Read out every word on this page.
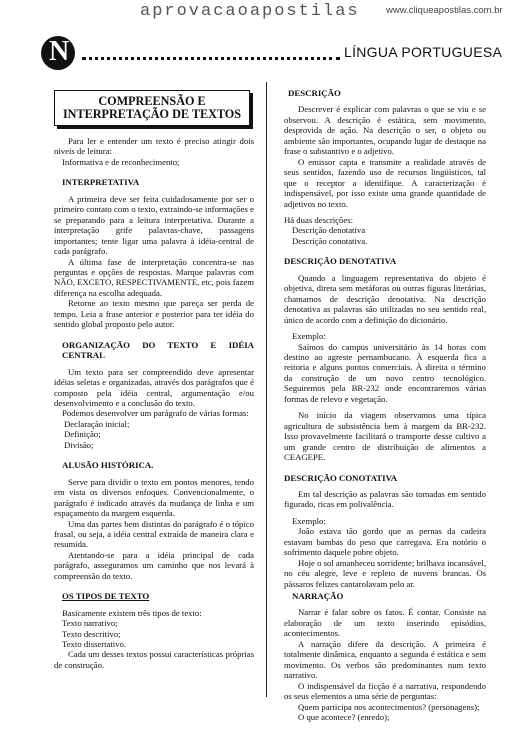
aprovacaoapostilas	www.cliqueapostilas.com.br
N	LÍNGUA PORTUGUESA
COMPREENSÃO E INTERPRETAÇÃO DE TEXTOS

Para ler e entender um texto é preciso atingir dois níveis de leitura:

Informativa e de reconhecimento;

INTERPRETATIVA

A primeira deve ser feita cuidadosamente por ser o primeiro contato com o texto, extraindo-se informações e se preparando para a leitura interpretativa. Durante a interpretação grife palavras-chave, passagens importantes; tente ligar uma palavra à idéia-central de cada parágrafo.

A última fase de interpretação concentra-se nas perguntas e opções de respostas. Marque palavras com NÃO, EXCETO, RESPECTIVAMENTE, etc, pois fazem diferença na escolha adequada.

Retorne ao texto mesmo que pareça ser perda de tempo. Leia a frase anterior e posterior para ter idéia do sentido global proposto pelo autor.

ORGANIZAÇÃO DO TEXTO E IDÉIA CENTRAL

Um texto para ser compreendido deve apresentar idéias seletas e organizadas, através dos parágrafos que é composto pela idéia central, argumentação e/ou desenvolvimento e a conclusão do texto.

Podemos desenvolver um parágrafo de várias formas:

Declaração inicial;

Definição;

Divisão;

ALUSÃO HISTÓRICA.

Serve para dividir o texto em pontos menores, tendo em vista os diversos enfoques. Convencionalmente, o parágrafo é indicado através da mudança de linha e um espaçamento da margem esquerda.

Uma das partes bem distintas do parágrafo é o tópico frasal, ou seja, a idéia central extraída de maneira clara e resumida.

Atentando-se para a idéia principal de cada parágrafo, asseguramos um caminho que nos levará à compreensão do texto.

OS TIPOS DE TEXTO

Basicamente existem três tipos de texto:

Texto narrativo;

Texto descritivo;

Texto dissertativo.

Cada um desses textos possui características próprias de construção.

DESCRIÇÃO

Descrever é explicar com palavras o que se viu e se observou. A descrição é estática, sem movimento, desprovida de ação. Na descrição o ser, o objeto ou ambiente são importantes, ocupando lugar de destaque na frase o substantivo e o adjetivo.

O emissor capta e transmite a realidade através de seus sentidos, fazendo uso de recursos lingüísticos, tal que o receptor a identifique. A caracterização é indispensável, por isso existe uma grande quantidade de adjetivos no texto.

Há duas descrições:

Descrição denotativa

Descrição conotativa.

DESCRIÇÃO DENOTATIVA

Quando a linguagem representativa do objeto é objetiva, direta sem metáforas ou outras figuras literárias, chamamos de descrição denotativa. Na descrição denotativa as palavras são utilizadas no seu sentido real, único de acordo com a definição do dicionário.

Exemplo:

Saímos do campus universitário às 14 horas com destino ao agreste pernambucano. À esquerda fica a reitoria e alguns pontos comerciais. À direita o término da construção de um novo centro tecnológico. Seguiremos pela BR-232 onde encontraremos várias formas de relevo e vegetação.

No início da viagem observamos uma típica agricultura de subsistência bem à margem da BR-232. Isso provavelmente facilitará o transporte desse cultivo a um grande centro de distribuição de alimentos a CEAGEPE.

DESCRIÇÃO CONOTATIVA

Em tal descrição as palavras são tomadas em sentido figurado, ricas em polivalência.

Exemplo:

João estava tão gordo que as pernas da cadeira estavam bambas do peso que carregava. Era notório o sofrimento daquele pobre objeto.

Hoje o sol amanheceu sorridente; brilhava incansável, no céu alegre, leve e repleto de nuvens brancas. Os pássaros felizes cantarolavam pelo ar.

NARRAÇÃO

Narrar é falar sobre os fatos. É contar. Consiste na elaboração de um texto inserindo episódios, acontecimentos.

A narração difere da descrição. A primeira é totalmente dinâmica, enquanto a segunda é estática e sem movimento. Os verbos são predominantes num texto narrativo.

O indispensável da ficção é a narrativa, respondendo os seus elementos a uma série de perguntas:

Quem participa nos acontecimentos? (personagens);

O que acontece? (enredo);
